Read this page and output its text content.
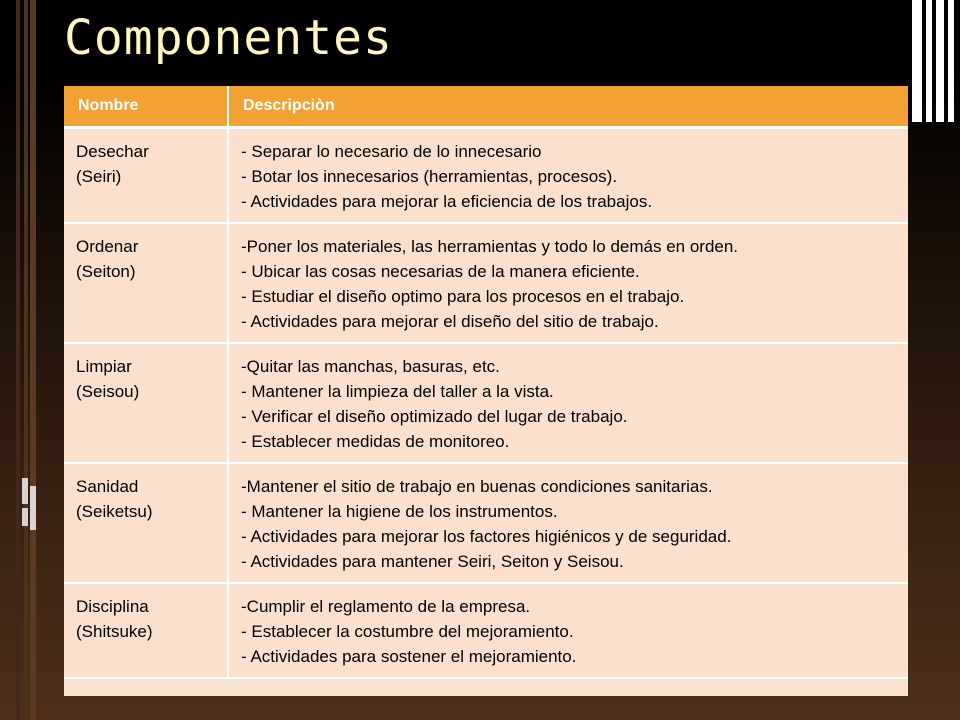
Componentes
Nombre	Descripciòn

Desechar
(Seiri)	- Separar lo necesario de lo innecesario
- Botar los innecesarios (herramientas, procesos).
- Actividades para mejorar la eficiencia de los trabajos.

Ordenar
(Seiton)	-Poner los materiales, las herramientas y todo lo demás en orden.
- Ubicar las cosas necesarias de la manera eficiente.
- Estudiar el diseño optimo para los procesos en el trabajo.
- Actividades para mejorar el diseño del sitio de trabajo.

Limpiar
(Seisou)	-Quitar las manchas, basuras, etc.
- Mantener la limpieza del taller a la vista.
- Verificar el diseño optimizado del lugar de trabajo.
- Establecer medidas de monitoreo.

Sanidad
(Seiketsu)	-Mantener el sitio de trabajo en buenas condiciones sanitarias.
- Mantener la higiene de los instrumentos.
- Actividades para mejorar los factores higiénicos y de seguridad.
- Actividades para mantener Seiri, Seiton y Seisou.

Disciplina
(Shitsuke)	-Cumplir el reglamento de la empresa.
- Establecer la costumbre del mejoramiento.
- Actividades para sostener el mejoramiento.
